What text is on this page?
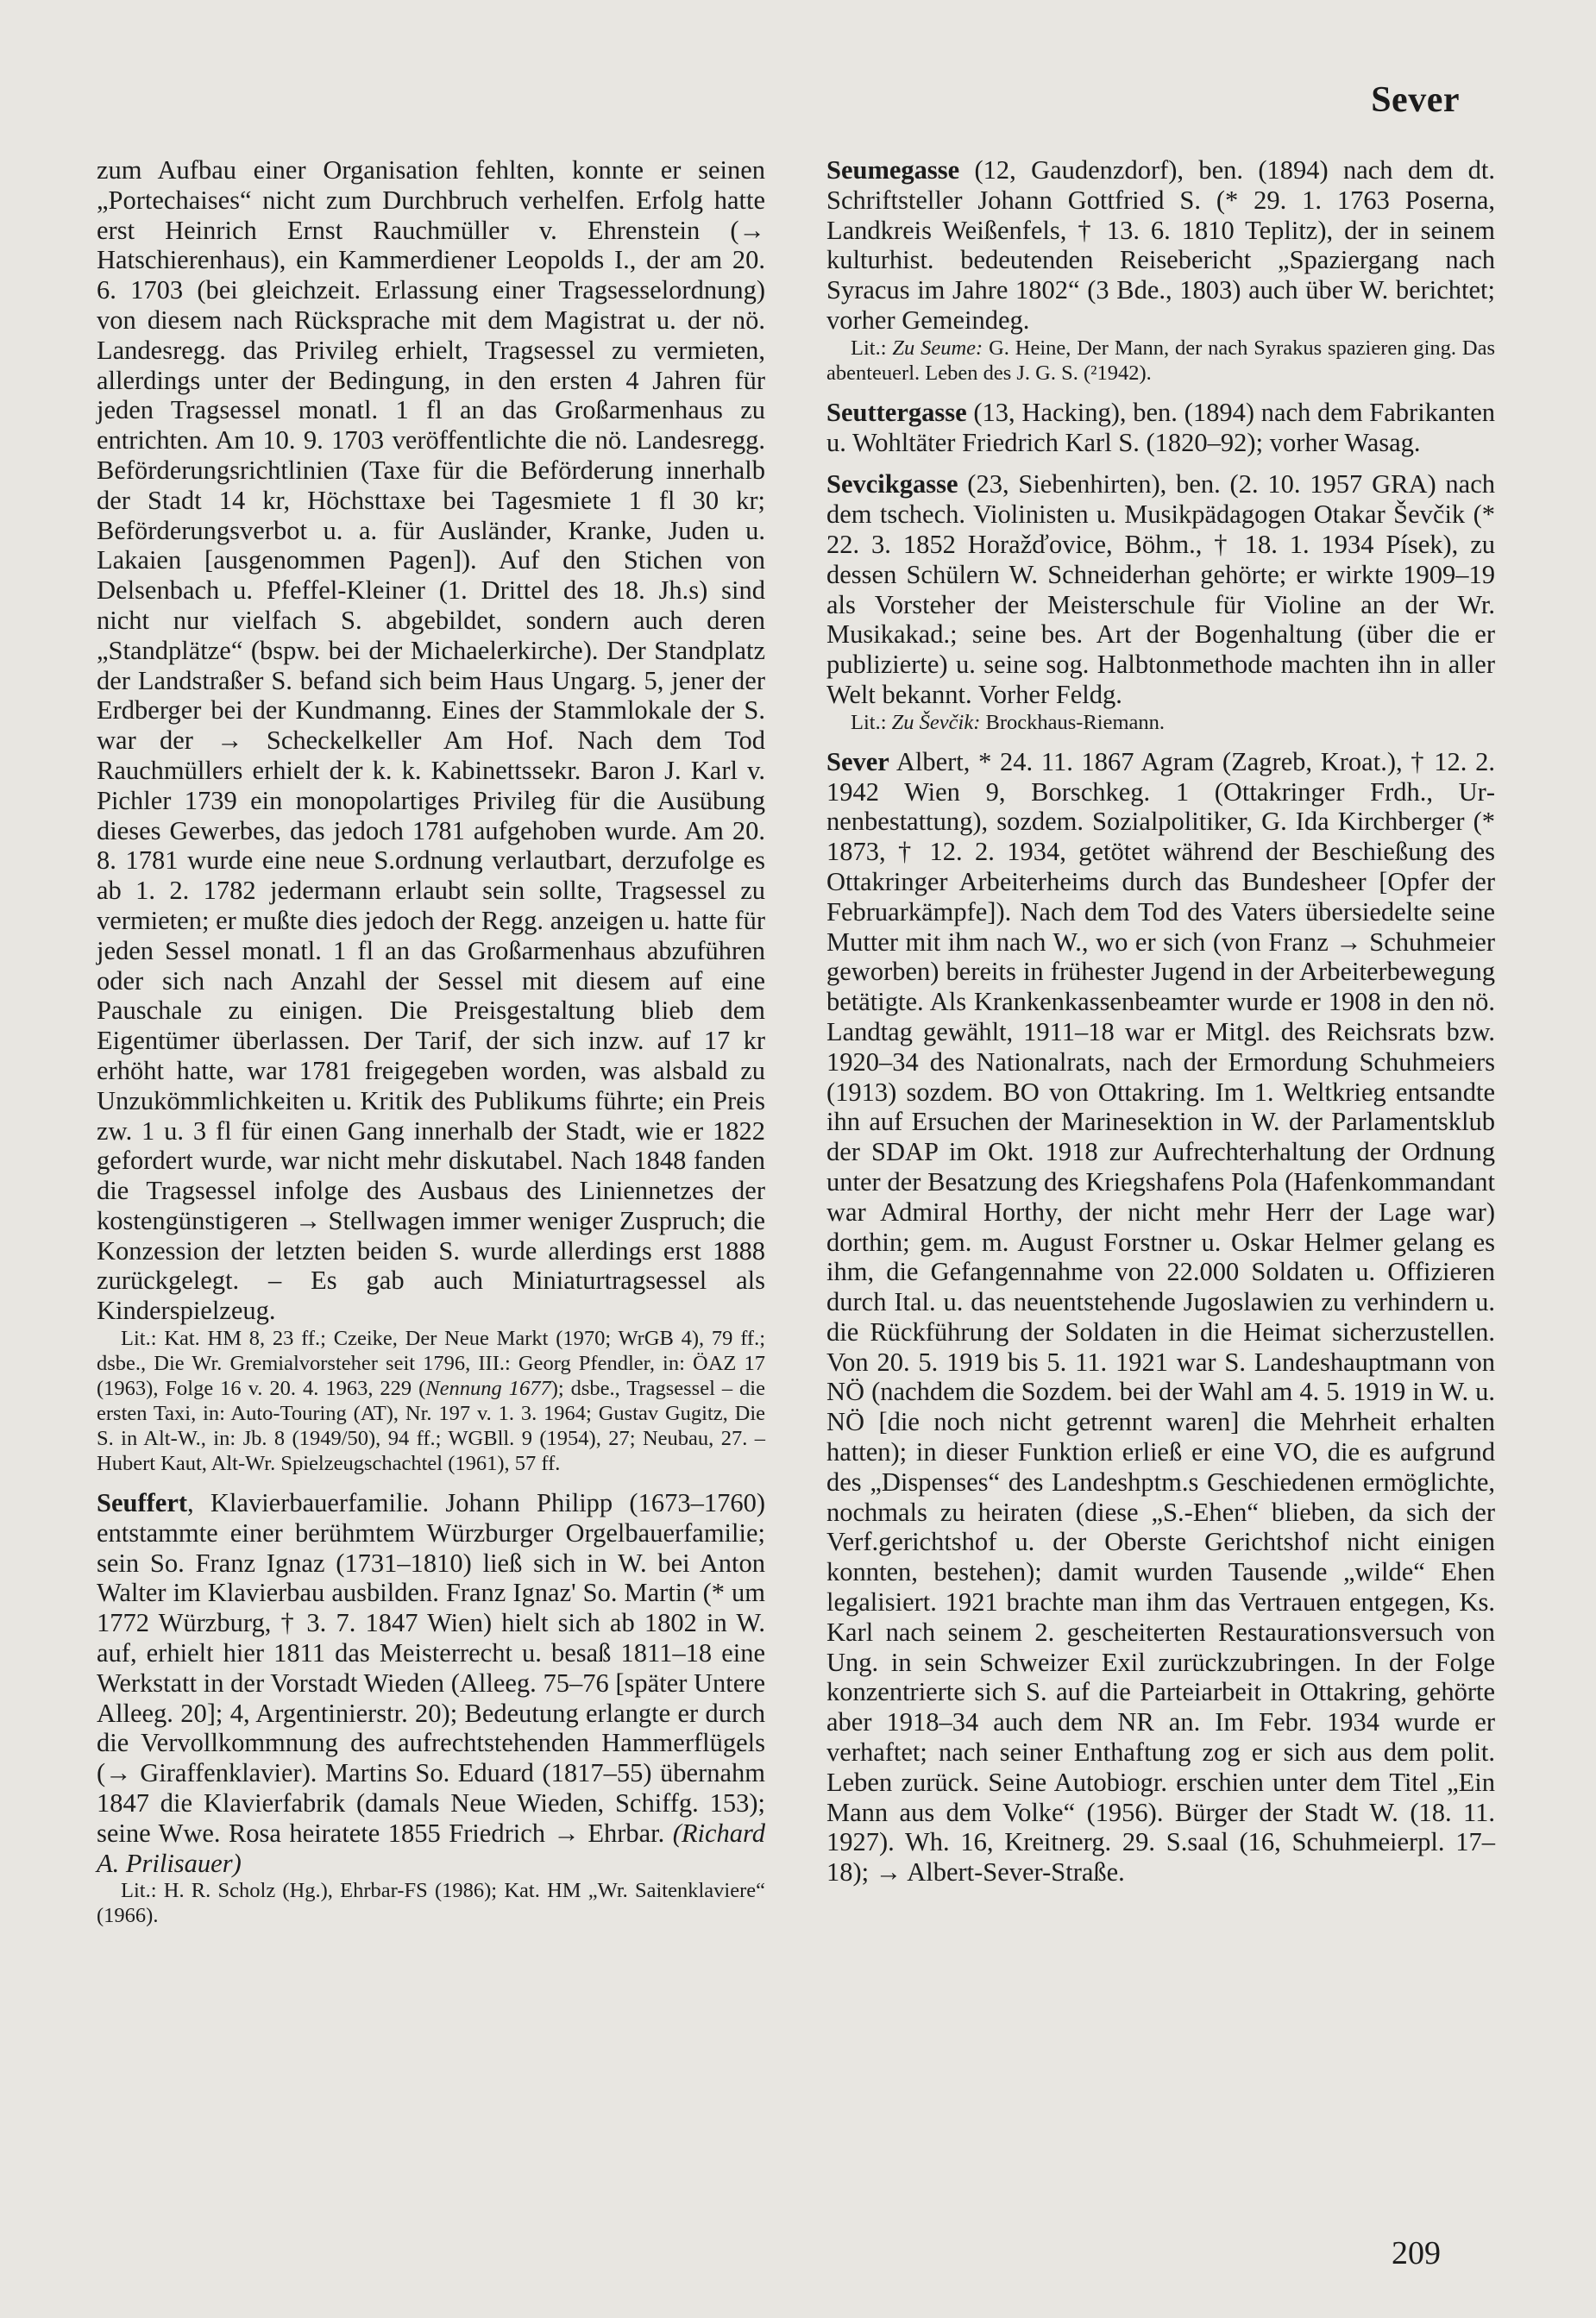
Sever

zum Aufbau einer Organisation fehlten, konnte er seinen „Portechaises“ nicht zum Durchbruch verhelfen. Erfolg hatte erst Heinrich Ernst Rauchmüller v. Ehrenstein (→ Hatschierenhaus), ein Kammerdiener Leopolds I., der am 20. 6. 1703 (bei gleichzeit. Erlassung einer Tragsesselordnung) von diesem nach Rücksprache mit dem Magistrat u. der nö. Landesregg. das Privileg erhielt, Tragsessel zu vermieten, allerdings unter der Bedingung, in den ersten 4 Jahren für jeden Tragsessel monatl. 1 fl an das Großarmenhaus zu entrichten. Am 10. 9. 1703 veröffentlichte die nö. Landesregg. Beförderungsrichtlinien (Taxe für die Beförderung innerhalb der Stadt 14 kr, Höchsttaxe bei Tagesmiete 1 fl 30 kr; Beförderungsverbot u. a. für Ausländer, Kranke, Juden u. Lakaien [ausgenommen Pagen]). Auf den Stichen von Delsenbach u. Pfeffel-Kleiner (1. Drittel des 18. Jh.s) sind nicht nur vielfach S. abgebildet, sondern auch deren „Standplätze“ (bspw. bei der Michaelerkirche). Der Standplatz der Landstraßer S. befand sich beim Haus Ungarg. 5, jener der Erdberger bei der Kundmanng. Eines der Stammlokale der S. war der → Scheckelkeller Am Hof. Nach dem Tod Rauchmüllers erhielt der k. k. Kabinettssekr. Baron J. Karl v. Pichler 1739 ein monopolartiges Privileg für die Ausübung dieses Gewerbes, das jedoch 1781 aufgehoben wurde. Am 20. 8. 1781 wurde eine neue S.ordnung verlautbart, derzufolge es ab 1. 2. 1782 jedermann erlaubt sein sollte, Tragsessel zu vermieten; er mußte dies jedoch der Regg. anzeigen u. hatte für jeden Sessel monatl. 1 fl an das Großarmenhaus abzuführen oder sich nach Anzahl der Sessel mit diesem auf eine Pauschale zu einigen. Die Preisgestaltung blieb dem Eigentümer überlassen. Der Tarif, der sich inzw. auf 17 kr erhöht hatte, war 1781 freigegeben worden, was alsbald zu Unzukömmlichkeiten u. Kritik des Publikums führte; ein Preis zw. 1 u. 3 fl für einen Gang innerhalb der Stadt, wie er 1822 gefordert wurde, war nicht mehr diskutabel. Nach 1848 fanden die Tragsessel infolge des Ausbaus des Liniennetzes der kostengünstigeren → Stellwagen immer weniger Zuspruch; die Konzession der letzten beiden S. wurde allerdings erst 1888 zurückgelegt. – Es gab auch Miniaturtragsessel als Kinderspielzeug.

Lit.: Kat. HM 8, 23 ff.; Czeike, Der Neue Markt (1970; WrGB 4), 79 ff.; dsbe., Die Wr. Gremialvorsteher seit 1796, III.: Georg Pfendler, in: ÖAZ 17 (1963), Folge 16 v. 20. 4. 1963, 229 (Nennung 1677); dsbe., Tragsessel – die ersten Taxi, in: Auto-Touring (AT), Nr. 197 v. 1. 3. 1964; Gustav Gugitz, Die S. in Alt-W., in: Jb. 8 (1949/50), 94 ff.; WGBll. 9 (1954), 27; Neubau, 27. – Hubert Kaut, Alt-Wr. Spielzeugschachtel (1961), 57 ff.

Seuffert, Klavierbauerfamilie. Johann Philipp (1673–1760) entstammte einer berühmtem Würzburger Orgelbauerfamilie; sein So. Franz Ignaz (1731–1810) ließ sich in W. bei Anton Walter im Klavierbau ausbilden. Franz Ignaz' So. Martin (* um 1772 Würzburg, † 3. 7. 1847 Wien) hielt sich ab 1802 in W. auf, erhielt hier 1811 das Meisterrecht u. besaß 1811–18 eine Werkstatt in der Vorstadt Wieden (Alleeg. 75–76 [später Untere Alleeg. 20]; 4, Argentinierstr. 20); Bedeutung erlangte er durch die Vervollkommnung des aufrechtstehenden Hammerflügels (→ Giraffenklavier). Martins So. Eduard (1817–55) übernahm 1847 die Klavierfabrik (damals Neue Wieden, Schiffg. 153); seine Wwe. Rosa heiratete 1855 Friedrich → Ehrbar. (Richard A. Prilisauer)

Lit.: H. R. Scholz (Hg.), Ehrbar-FS (1986); Kat. HM „Wr. Saitenklaviere“ (1966).

Seumegasse (12, Gaudenzdorf), ben. (1894) nach dem dt. Schriftsteller Johann Gottfried S. (* 29. 1. 1763 Poserna, Landkreis Weißenfels, † 13. 6. 1810 Teplitz), der in seinem kulturhist. bedeutenden Reisebericht „Spaziergang nach Syracus im Jahre 1802“ (3 Bde., 1803) auch über W. berichtet; vorher Gemeindeg.

Lit.: Zu Seume: G. Heine, Der Mann, der nach Syrakus spazieren ging. Das abenteuerl. Leben des J. G. S. (²1942).

Seuttergasse (13, Hacking), ben. (1894) nach dem Fabrikanten u. Wohltäter Friedrich Karl S. (1820–92); vorher Wasag.

Sevcikgasse (23, Siebenhirten), ben. (2. 10. 1957 GRA) nach dem tschech. Violinisten u. Musikpädagogen Otakar Ševčik (* 22. 3. 1852 Horažďovice, Böhm., † 18. 1. 1934 Písek), zu dessen Schülern W. Schneiderhan gehörte; er wirkte 1909–19 als Vorsteher der Meisterschule für Violine an der Wr. Musikakad.; seine bes. Art der Bogenhaltung (über die er publizierte) u. seine sog. Halbtonmethode machten ihn in aller Welt bekannt. Vorher Feldg.

Lit.: Zu Ševčik: Brockhaus-Riemann.

Sever Albert, * 24. 11. 1867 Agram (Zagreb, Kroat.), † 12. 2. 1942 Wien 9, Borschkeg. 1 (Ottakringer Frdh., Urnenbestattung), sozdem. Sozialpolitiker, G. Ida Kirchberger (* 1873, † 12. 2. 1934, getötet während der Beschießung des Ottakringer Arbeiterheims durch das Bundesheer [Opfer der Februarkämpfe]). Nach dem Tod des Vaters übersiedelte seine Mutter mit ihm nach W., wo er sich (von Franz → Schuhmeier geworben) bereits in frühester Jugend in der Arbeiterbewegung betätigte. Als Krankenkassenbeamter wurde er 1908 in den nö. Landtag gewählt, 1911–18 war er Mitgl. des Reichsrats bzw. 1920–34 des Nationalrats, nach der Ermordung Schuhmeiers (1913) sozdem. BO von Ottakring. Im 1. Weltkrieg entsandte ihn auf Ersuchen der Marinesektion in W. der Parlamentsklub der SDAP im Okt. 1918 zur Aufrechterhaltung der Ordnung unter der Besatzung des Kriegshafens Pola (Hafenkommandant war Admiral Horthy, der nicht mehr Herr der Lage war) dorthin; gem. m. August Forstner u. Oskar Helmer gelang es ihm, die Gefangennahme von 22.000 Soldaten u. Offizieren durch Ital. u. das neuentstehende Jugoslawien zu verhindern u. die Rückführung der Soldaten in die Heimat sicherzustellen. Von 20. 5. 1919 bis 5. 11. 1921 war S. Landeshauptmann von NÖ (nachdem die Sozdem. bei der Wahl am 4. 5. 1919 in W. u. NÖ [die noch nicht getrennt waren] die Mehrheit erhalten hatten); in dieser Funktion erließ er eine VO, die es aufgrund des „Dispenses“ des Landeshptm.s Geschiedenen ermöglichte, nochmals zu heiraten (diese „S.-Ehen“ blieben, da sich der Verf.gerichtshof u. der Oberste Gerichtshof nicht einigen konnten, bestehen); damit wurden Tausende „wilde“ Ehen legalisiert. 1921 brachte man ihm das Vertrauen entgegen, Ks. Karl nach seinem 2. gescheiterten Restaurationsversuch von Ung. in sein Schweizer Exil zurückzubringen. In der Folge konzentrierte sich S. auf die Parteiarbeit in Ottakring, gehörte aber 1918–34 auch dem NR an. Im Febr. 1934 wurde er verhaftet; nach seiner Enthaftung zog er sich aus dem polit. Leben zurück. Seine Autobiogr. erschien unter dem Titel „Ein Mann aus dem Volke“ (1956). Bürger der Stadt W. (18. 11. 1927). Wh. 16, Kreitnerg. 29. S.saal (16, Schuhmeierpl. 17–18); → Albert-Sever-Straße.

209
